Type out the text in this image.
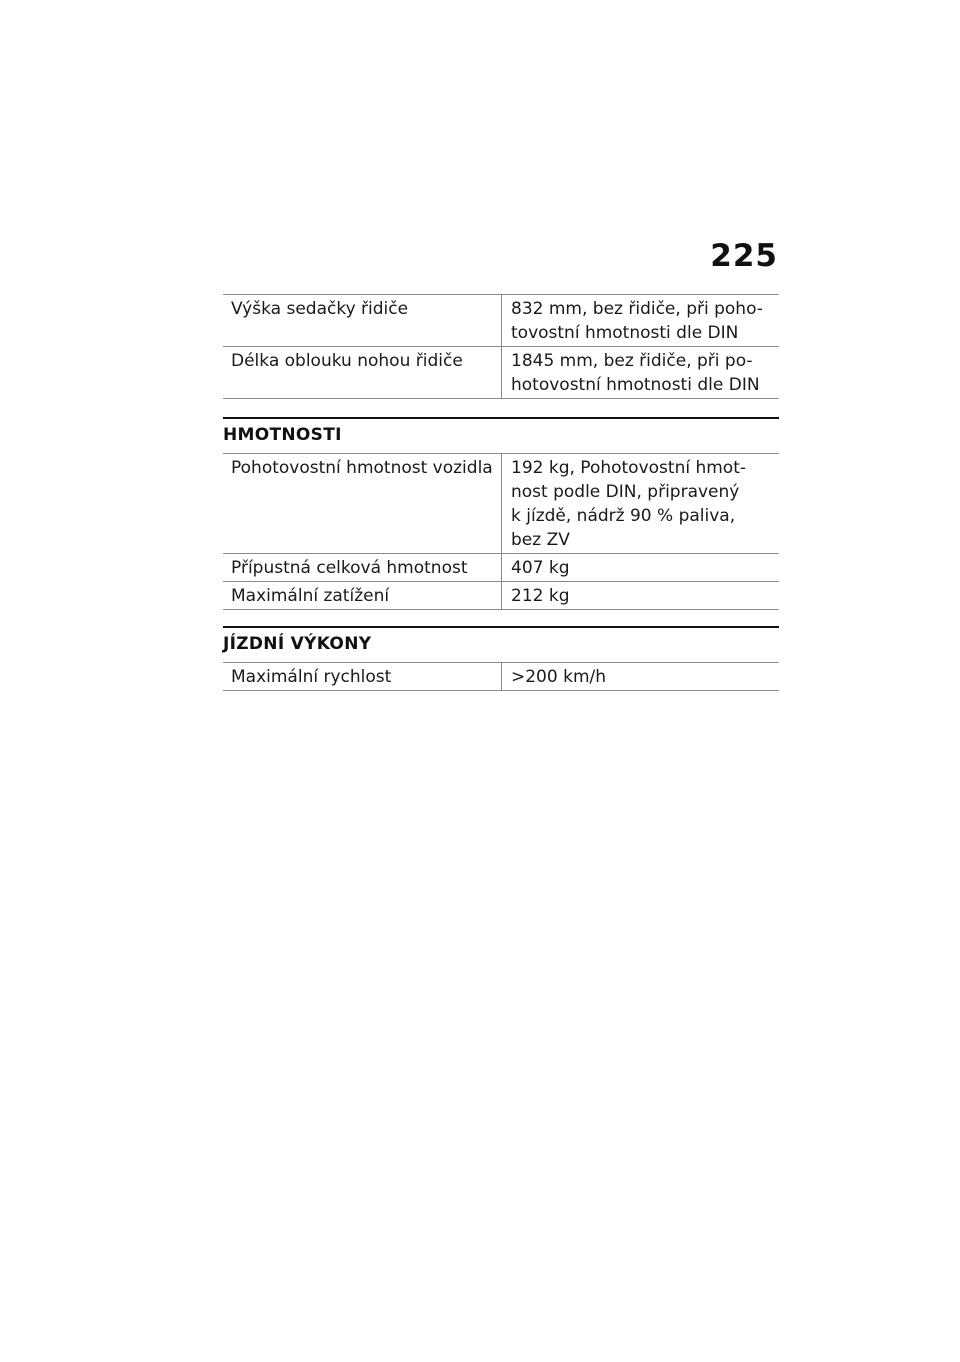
225
Výška sedačky řidiče	832 mm, bez řidiče, při poho-
tovostní hmotnosti dle DIN
Délka oblouku nohou řidiče	1845 mm, bez řidiče, při po-
hotovostní hmotnosti dle DIN
HMOTNOSTI
Pohotovostní hmotnost vozidla	192 kg, Pohotovostní hmot-
nost podle DIN, připravený
k jízdě, nádrž 90 % paliva,
bez ZV
Přípustná celková hmotnost	407 kg
Maximální zatížení	212 kg
JÍZDNÍ VÝKONY
Maximální rychlost	>200 km/h
